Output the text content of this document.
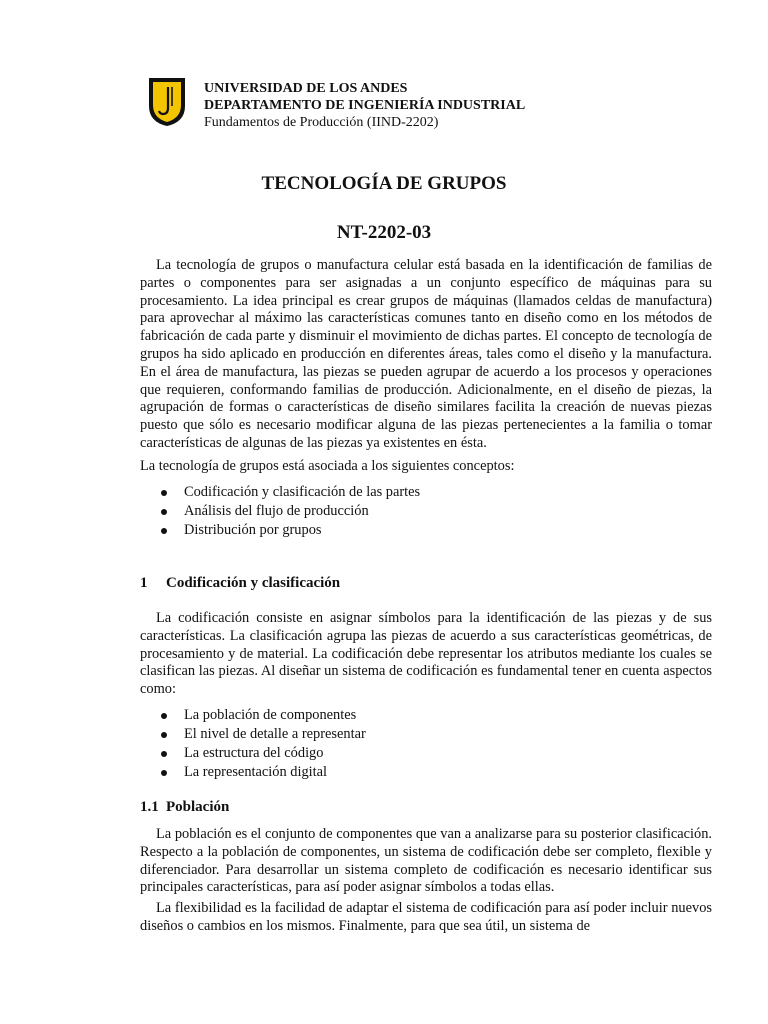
UNIVERSIDAD DE LOS ANDES
DEPARTAMENTO DE INGENIERÍA INDUSTRIAL
Fundamentos de Producción (IIND-2202)
TECNOLOGÍA DE GRUPOS
NT-2202-03

La tecnología de grupos o manufactura celular está basada en la identificación de familias de partes o componentes para ser asignadas a un conjunto específico de máquinas para su procesamiento. La idea principal es crear grupos de máquinas (llamados celdas de manufactura) para aprovechar al máximo las características comunes tanto en diseño como en los métodos de fabricación de cada parte y disminuir el movimiento de dichas partes. El concepto de tecnología de grupos ha sido aplicado en producción en diferentes áreas, tales como el diseño y la manufactura. En el área de manufactura, las piezas se pueden agrupar de acuerdo a los procesos y operaciones que requieren, conformando familias de producción. Adicionalmente, en el diseño de piezas, la agrupación de formas o características de diseño similares facilita la creación de nuevas piezas puesto que sólo es necesario modificar alguna de las piezas pertenecientes a la familia o tomar características de algunas de las piezas ya existentes en ésta.

La tecnología de grupos está asociada a los siguientes conceptos:

Codificación y clasificación de las partes
Análisis del flujo de producción
Distribución por grupos
1 Codificación y clasificación

La codificación consiste en asignar símbolos para la identificación de las piezas y de sus características. La clasificación agrupa las piezas de acuerdo a sus características geométricas, de procesamiento y de material. La codificación debe representar los atributos mediante los cuales se clasifican las piezas. Al diseñar un sistema de codificación es fundamental tener en cuenta aspectos como:

La población de componentes
El nivel de detalle a representar
La estructura del código
La representación digital
1.1 Población

La población es el conjunto de componentes que van a analizarse para su posterior clasificación. Respecto a la población de componentes, un sistema de codificación debe ser completo, flexible y diferenciador. Para desarrollar un sistema completo de codificación es necesario identificar sus principales características, para así poder asignar símbolos a todas ellas.

La flexibilidad es la facilidad de adaptar el sistema de codificación para así poder incluir nuevos diseños o cambios en los mismos. Finalmente, para que sea útil, un sistema de
